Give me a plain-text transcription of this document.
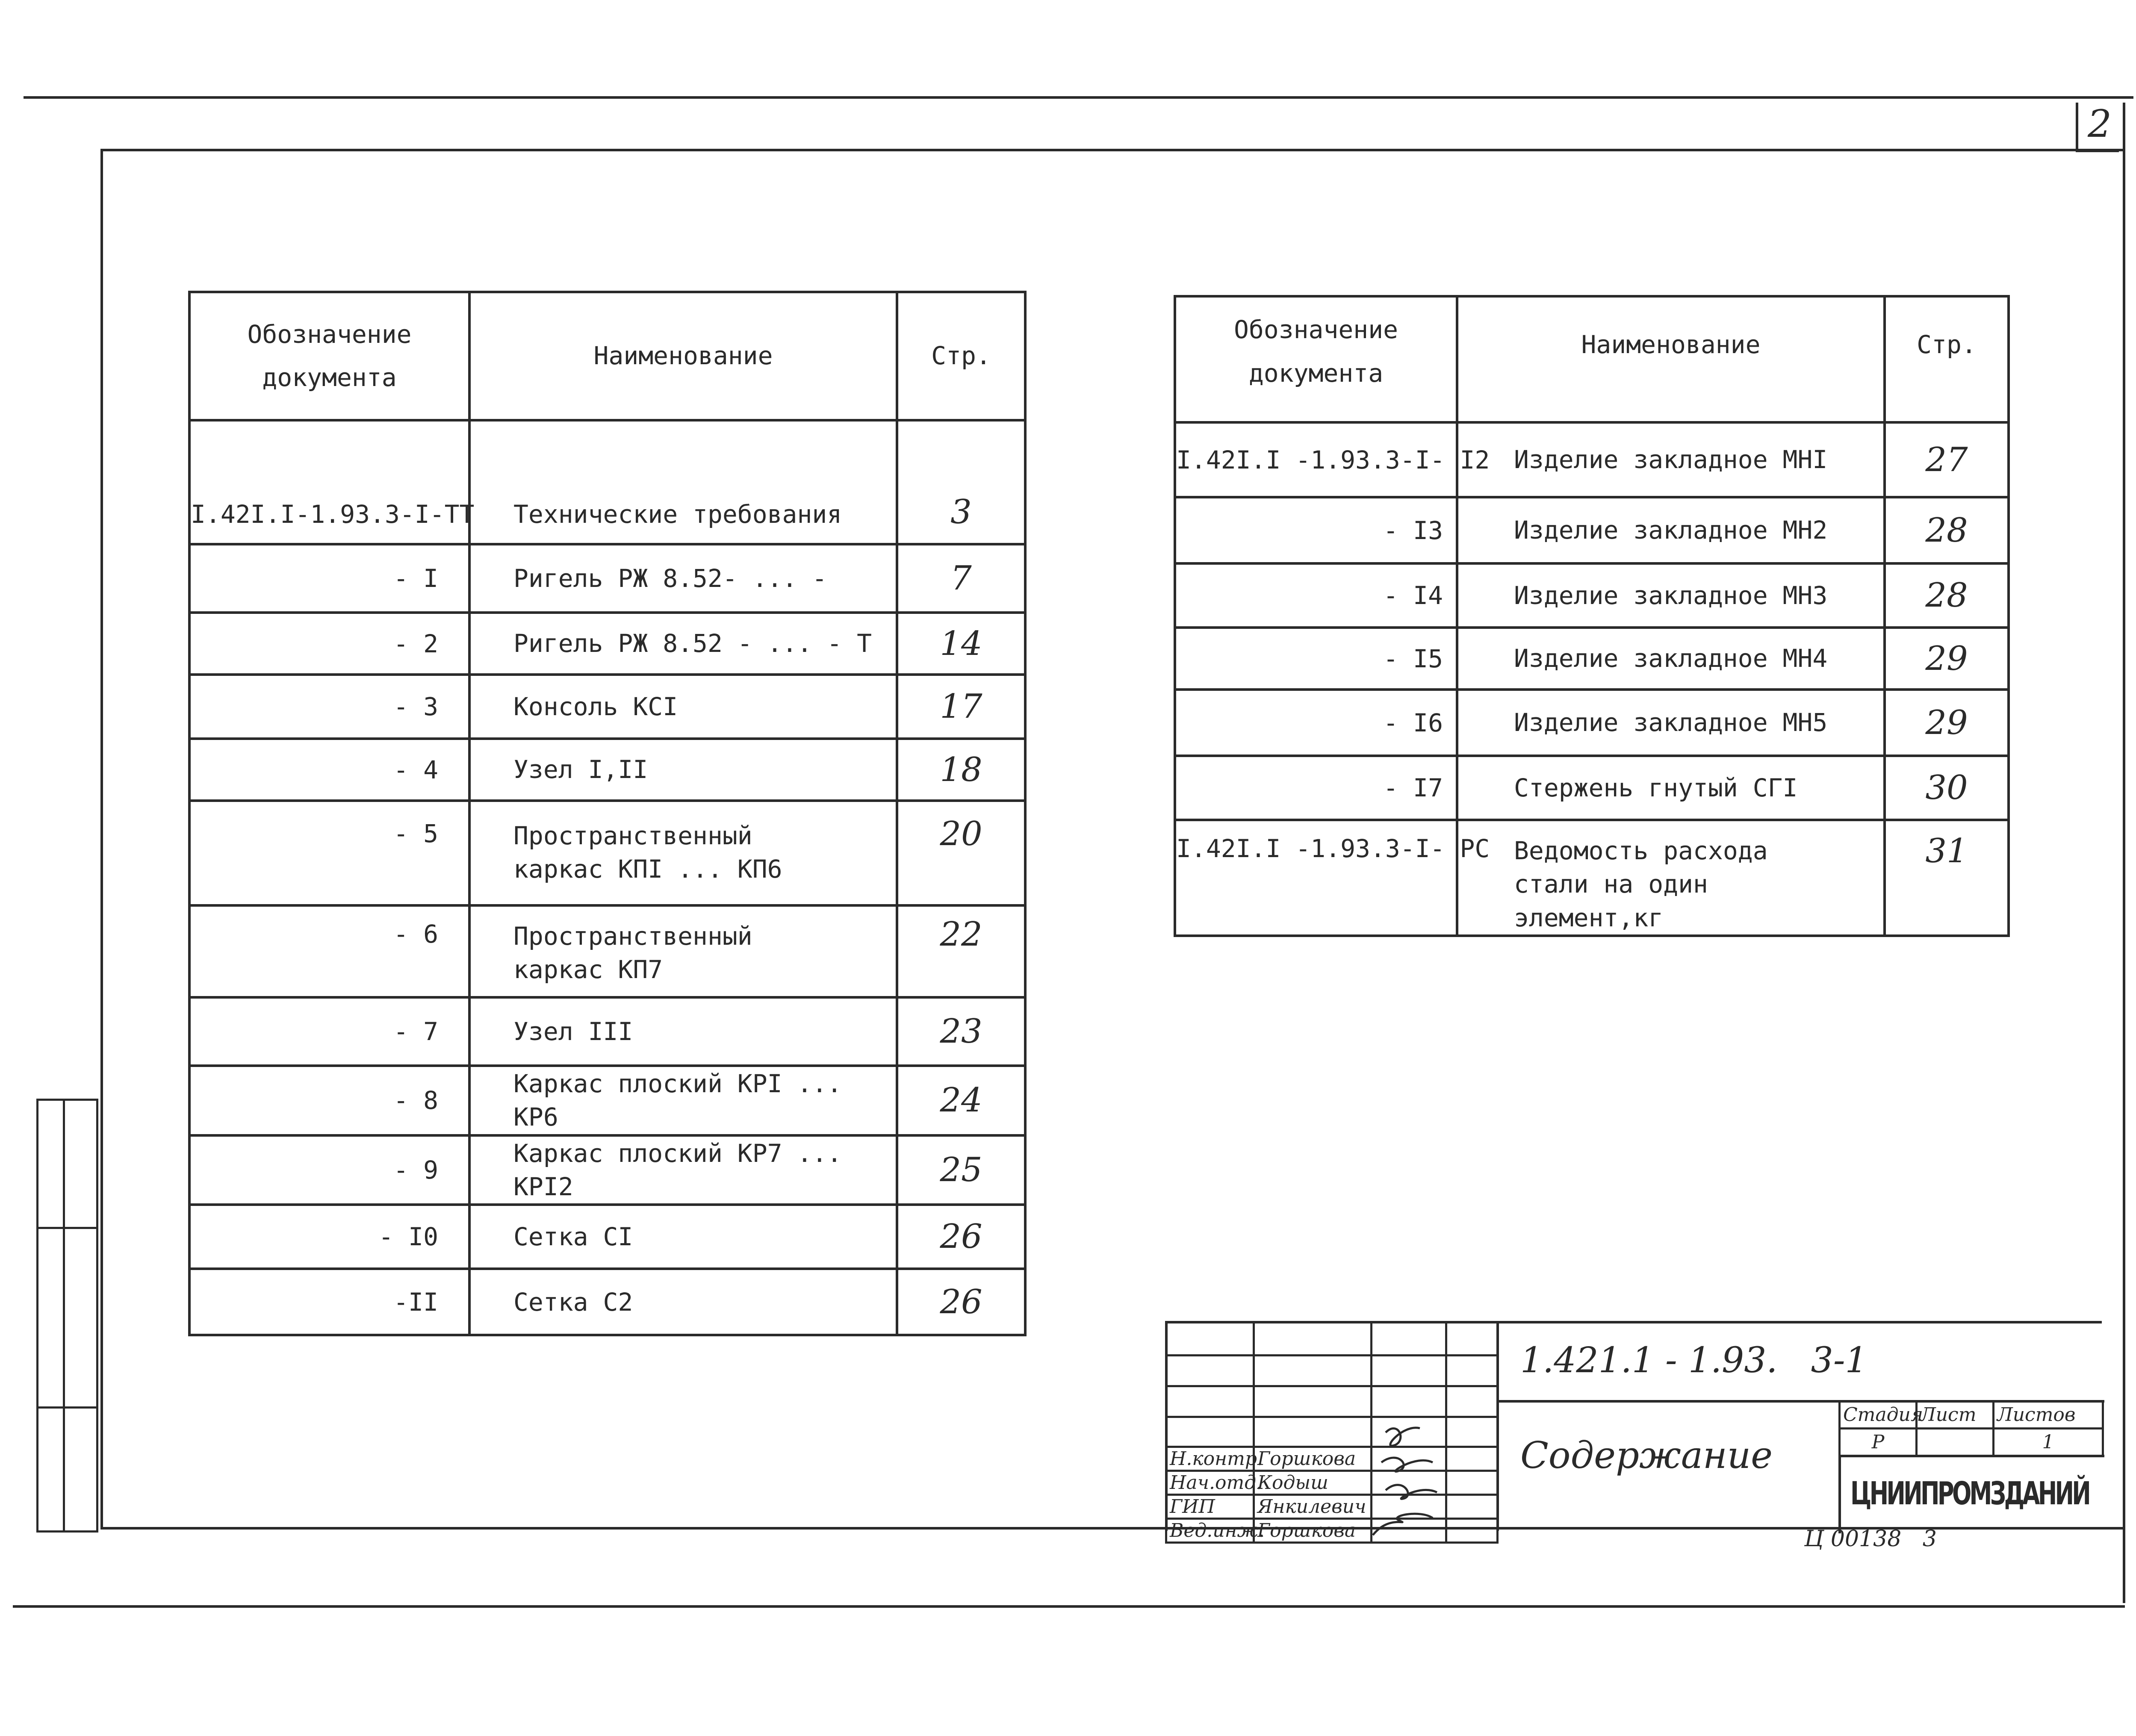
2

Обозначение документа	Наименование	Стр.
I.42I.I-1.93.3-I-TT	Технические требования	3
- I	Ригель РЖ 8.52- ... -	7
- 2	Ригель РЖ 8.52 - ... - Т	14
- 3	Консоль КСI	17
- 4	Узел I,II	18
- 5	Пространственный каркас КПI ... КП6	20
- 6	Пространственный каркас КП7	22
- 7	Узел III	23
- 8	Каркас плоский КРI ... КР6	24
- 9	Каркас плоский КР7 ... КРI2	25
- I0	Сетка СI	26
-II	Сетка С2	26
Обозначение документа	Наименование	Стр.
I.42I.I -1.93.3-I- I2	Изделие закладное МНI	27
- I3	Изделие закладное МН2	28
- I4	Изделие закладное МН3	28
- I5	Изделие закладное МН4	29
- I6	Изделие закладное МН5	29
- I7	Стержень гнутый СГI	30
I.42I.I -1.93.3-I- РС	Ведомость расхода стали на один элемент,кг	31

Н.контр.	Горшкова		
Нач.отд.	Кодыш		
ГИП	Янкилевич		
Вед.инж.	Горшкова		
1.421.1 - 1.93.   3-1
Содержание
Стадия	Лист	Листов
Р		1
ЦНИИПРОМЗДАНИЙ
Ц 00138   3
